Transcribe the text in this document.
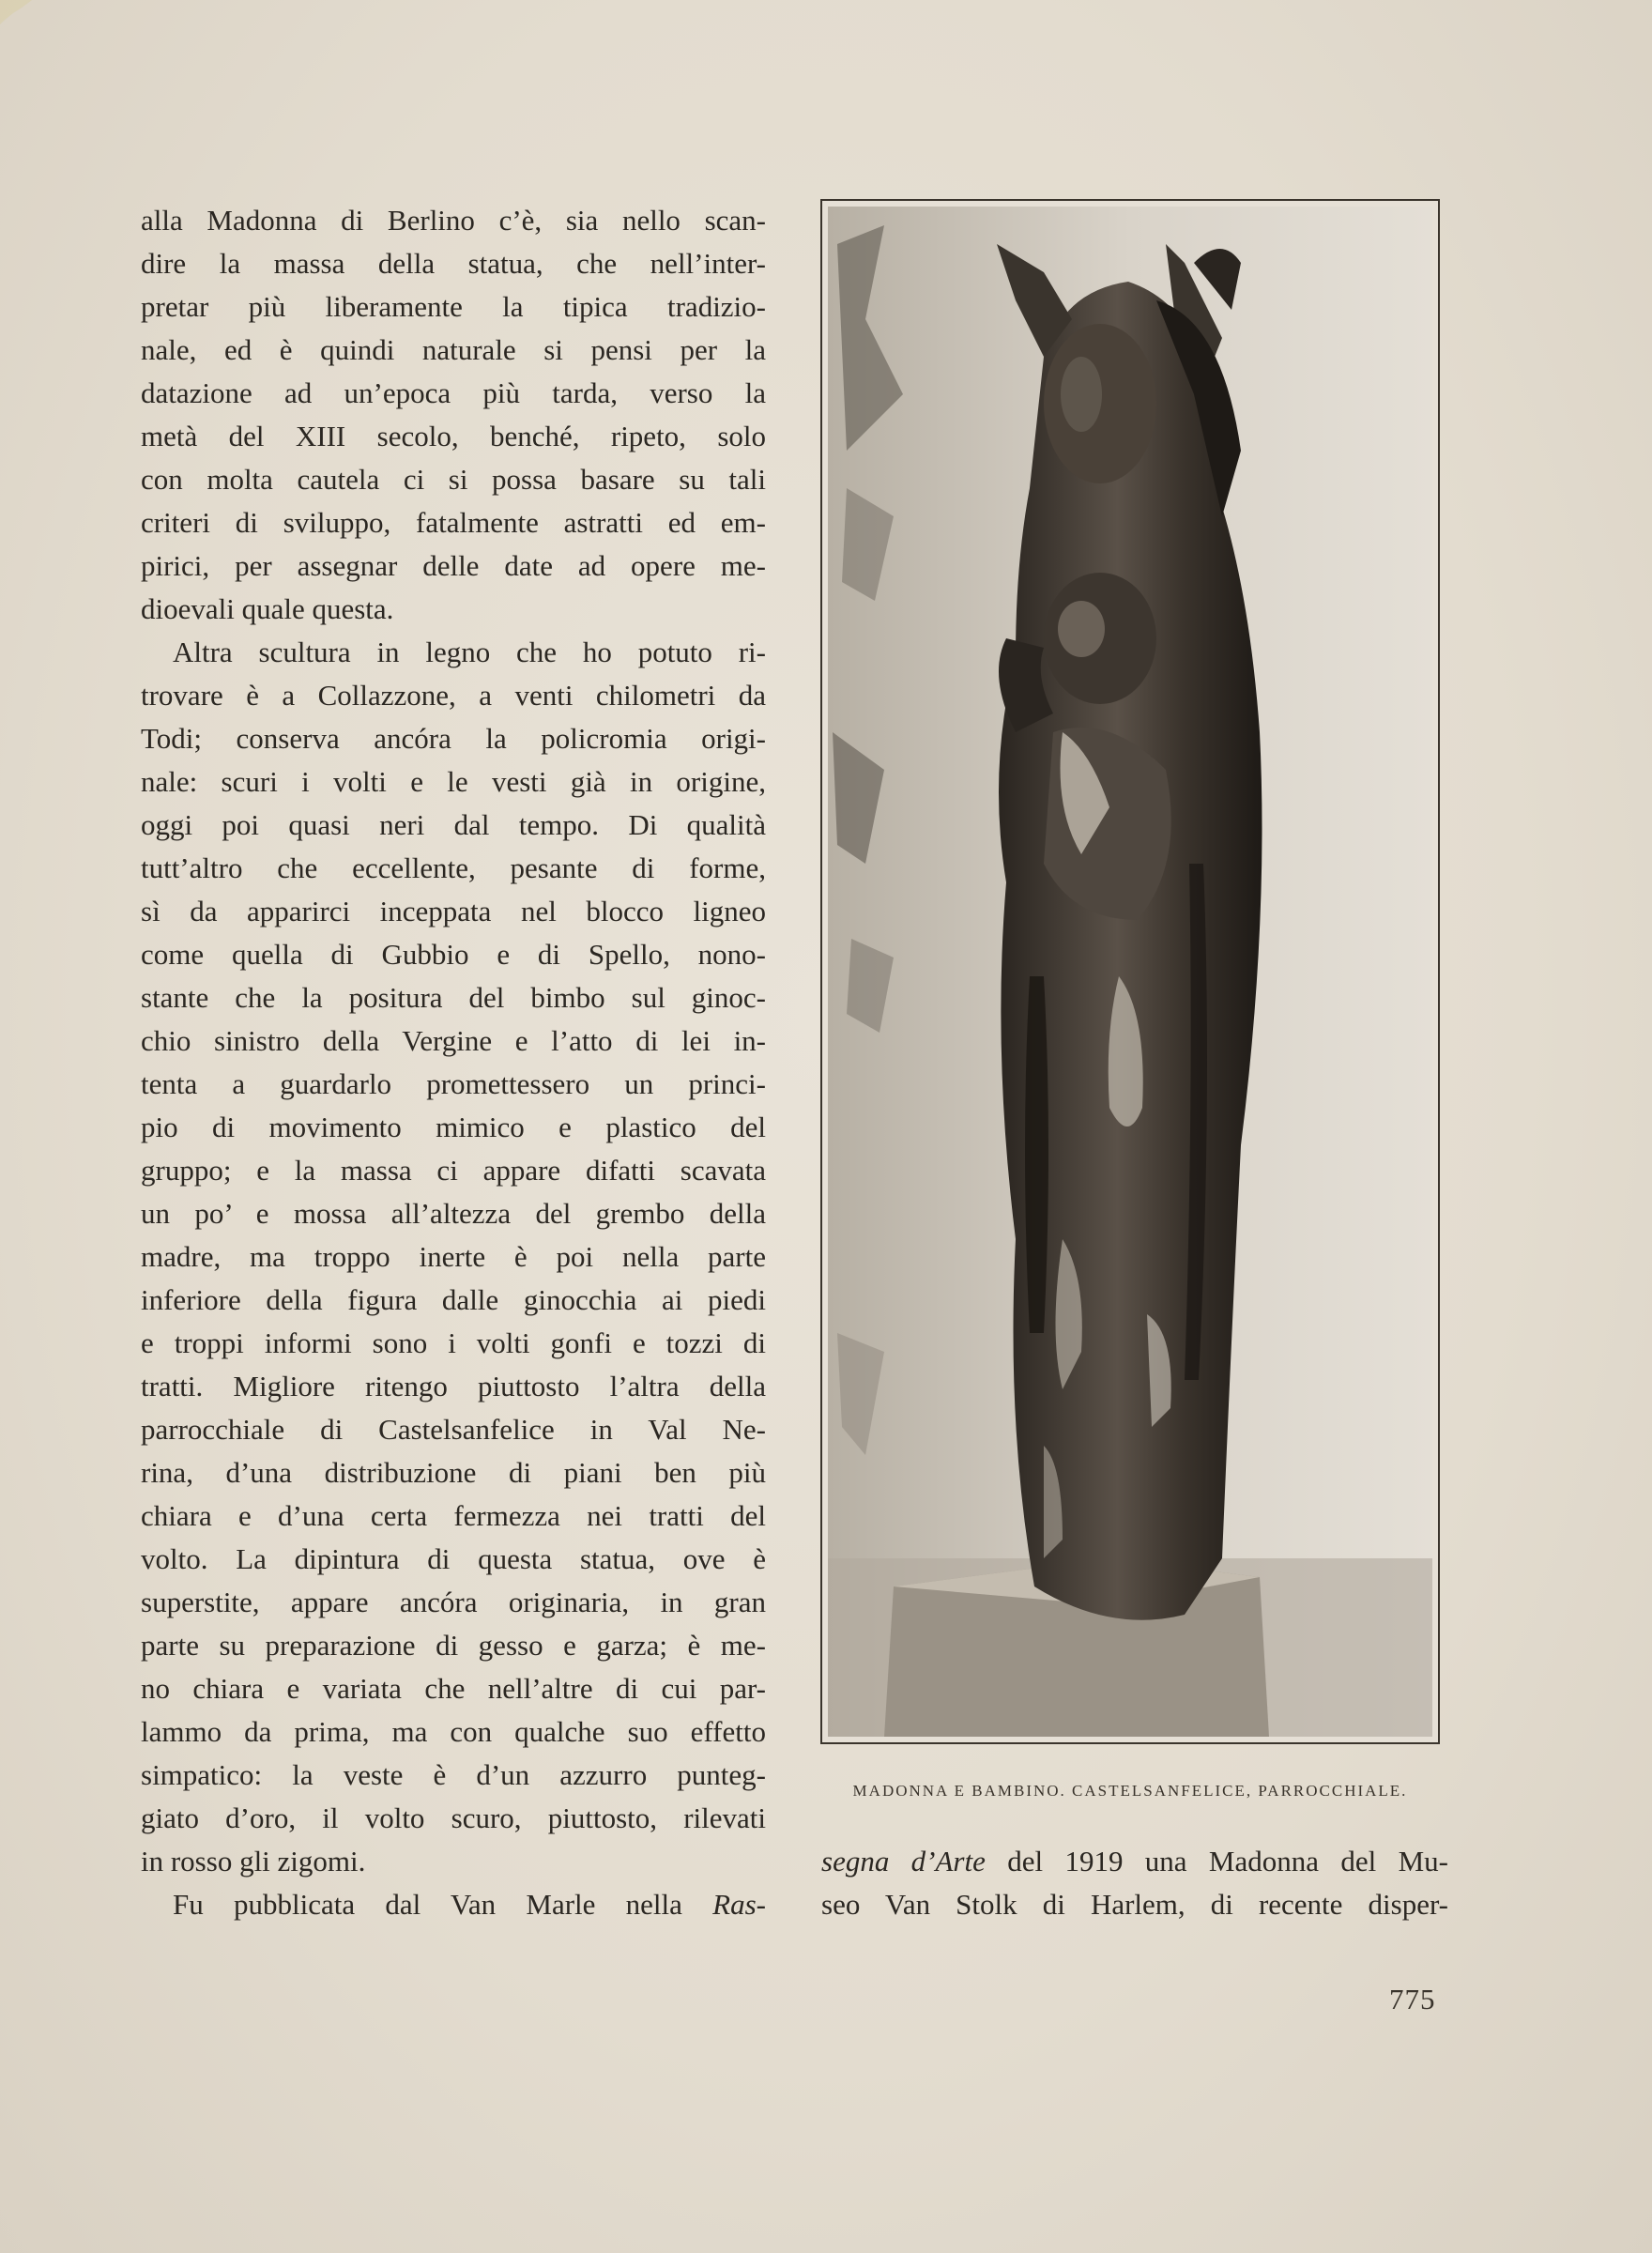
alla Madonna di Berlino c’è, sia nello scan-
dire la massa della statua, che nell’inter-
pretar più liberamente la tipica tradizio-
nale, ed è quindi naturale si pensi per la
datazione ad un’epoca più tarda, verso la
metà del XIII secolo, benché, ripeto, solo
con molta cautela ci si possa basare su tali
criteri di sviluppo, fatalmente astratti ed em-
pirici, per assegnar delle date ad opere me-
dioevali quale questa.

Altra scultura in legno che ho potuto ri-
trovare è a Collazzone, a venti chilometri da
Todi; conserva ancóra la policromia origi-
nale: scuri i volti e le vesti già in origine,
oggi poi quasi neri dal tempo. Di qualità
tutt’altro che eccellente, pesante di forme,
sì da apparirci inceppata nel blocco ligneo
come quella di Gubbio e di Spello, nono-
stante che la positura del bimbo sul ginoc-
chio sinistro della Vergine e l’atto di lei in-
tenta a guardarlo promettessero un princi-
pio di movimento mimico e plastico del
gruppo; e la massa ci appare difatti scavata
un po’ e mossa all’altezza del grembo della
madre, ma troppo inerte è poi nella parte
inferiore della figura dalle ginocchia ai piedi
e troppi informi sono i volti gonfi e tozzi di
tratti. Migliore ritengo piuttosto l’altra della
parrocchiale di Castelsanfelice in Val Ne-
rina, d’una distribuzione di piani ben più
chiara e d’una certa fermezza nei tratti del
volto. La dipintura di questa statua, ove è
superstite, appare ancóra originaria, in gran
parte su preparazione di gesso e garza; è me-
no chiara e variata che nell’altre di cui par-
lammo da prima, ma con qualche suo effetto
simpatico: la veste è d’un azzurro punteg-
giato d’oro, il volto scuro, piuttosto, rilevati
in rosso gli zigomi.

Fu pubblicata dal Van Marle nella Ras-

MADONNA E BAMBINO. CASTELSANFELICE, PARROCCHIALE.
segna d’Arte del 1919 una Madonna del Mu-
seo Van Stolk di Harlem, di recente disper-
775
